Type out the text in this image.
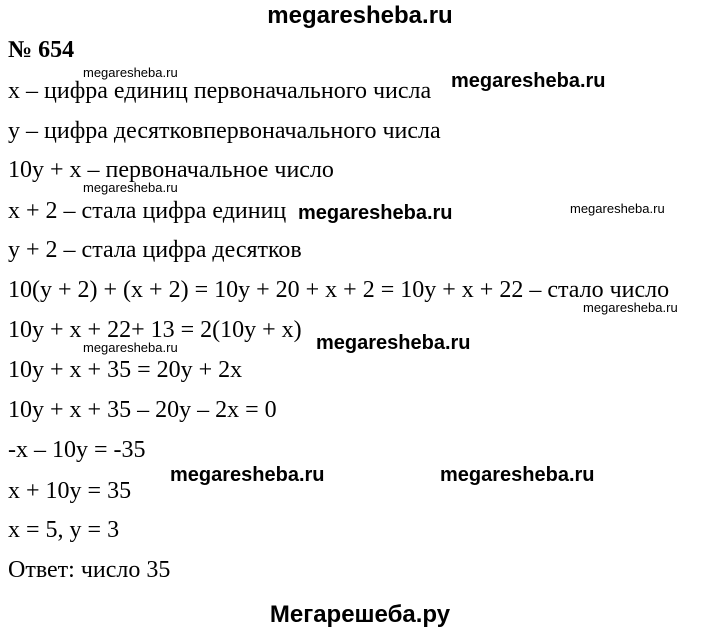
megaresheba.ru
№ 654
x – цифра единиц первоначального числа
y – цифра десятковпервоначального числа
10y + x – первоначальное число
x + 2 – стала цифра единиц
y + 2 – стала цифра десятков
10(y + 2) + (x + 2) = 10y + 20 + x + 2 = 10y + x + 22 – стало число
10y + x + 22+ 13 = 2(10y + x)
10y + x + 35 = 20y + 2x
10y + x + 35 – 20y – 2x = 0
-x – 10y = -35
x + 10y = 35
x = 5, y = 3
Ответ: число 35
megaresheba.ru	megaresheba.ru
megaresheba.ru
megaresheba.ru	megaresheba.ru
megaresheba.ru
megaresheba.ru	megaresheba.ru
megaresheba.ru	megaresheba.ru
Мегарешеба.ру
